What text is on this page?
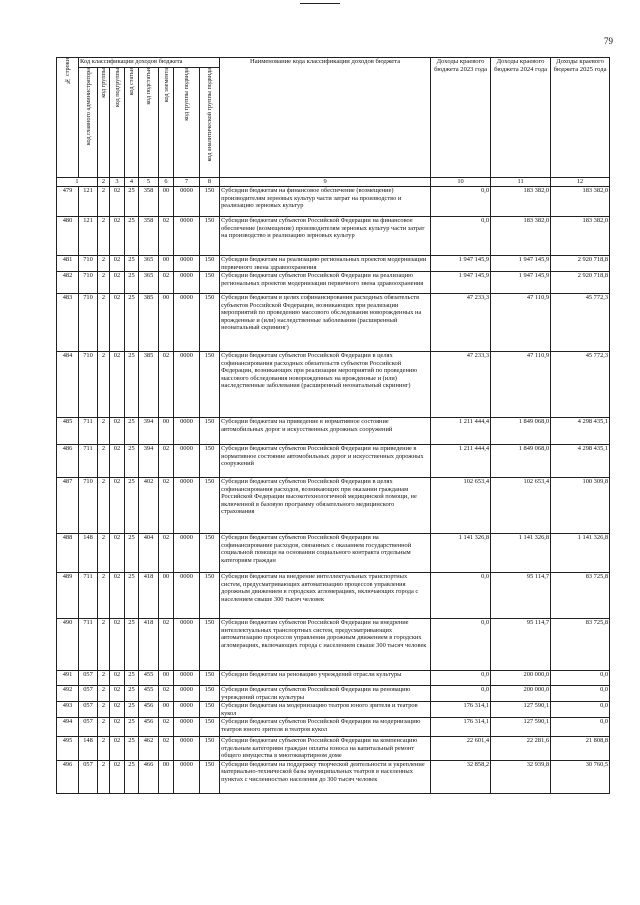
79
№ строки	Код классификации доходов бюджета								Наименование кода классификации доходов бюджета	Доходы краевого бюджета 2023 года	Доходы краевого бюджета 2024 года	Доходы краевого бюджета 2025 года

	код главного администратора	код группы	код подгруппы	код статьи	код подстатьи	код элемента	код группы подвида	код аналитической группы подвида				

1		2	3	4	5	6	7	8	9	10	11	12
479	121	2	02	25	358	00	0000	150	Субсидии бюджетам на финансовое обеспечение (возмещение) производителям зерновых культур части затрат на производство и реализацию зерновых культур	0,0	183 382,0	183 382,0
480	121	2	02	25	358	02	0000	150	Субсидии бюджетам субъектов Российской Федерации на финансовое обеспечение (возмещение) производителям зерновых культур части затрат на производство и реализацию зерновых культур	0,0	183 382,0	183 382,0
481	710	2	02	25	365	00	0000	150	Субсидии бюджетам на реализацию региональных проектов модернизации первичного звена здравоохранения	1 947 145,9	1 947 145,9	2 920 718,8
482	710	2	02	25	365	02	0000	150	Субсидии бюджетам субъектов Российской Федерации на реализацию региональных проектов модернизации первичного звена здравоохранения	1 947 145,9	1 947 145,9	2 920 718,8
483	710	2	02	25	385	00	0000	150	Субсидии бюджетам в целях софинансирования расходных обязательств субъектов Российской Федерации, возникающих при реализации мероприятий по проведению массового обследования новорожденных на врожденные и (или) наследственные заболевания (расширенный неонатальный скрининг)	47 233,3	47 110,9	45 772,3
484	710	2	02	25	385	02	0000	150	Субсидии бюджетам субъектов Российской Федерации в целях софинансирования расходных обязательств субъектов Российской Федерации, возникающих при реализации мероприятий по проведению массового обследования новорожденных на врожденные и (или) наследственные заболевания (расширенный неонатальный скрининг)	47 233,3	47 110,9	45 772,3
485	711	2	02	25	394	00	0000	150	Субсидии бюджетам на приведение в нормативное состояние автомобильных дорог и искусственных дорожных сооружений	1 211 444,4	1 849 068,0	4 298 435,1
486	711	2	02	25	394	02	0000	150	Субсидии бюджетам субъектов Российской Федерации на приведение в нормативное состояние автомобильных дорог и искусственных дорожных сооружений	1 211 444,4	1 849 068,0	4 298 435,1
487	710	2	02	25	402	02	0000	150	Субсидии бюджетам субъектов Российской Федерации в целях софинансирования расходов, возникающих при оказании гражданам Российской Федерации высокотехнологичной медицинской помощи, не включенной в базовую программу обязательного медицинского страхования	102 653,4	102 653,4	100 309,8
488	148	2	02	25	404	02	0000	150	Субсидии бюджетам субъектов Российской Федерации на софинансирование расходов, связанных с оказанием государственной социальной помощи на основании социального контракта отдельным категориям граждан	1 141 326,8	1 141 326,8	1 141 326,8
489	711	2	02	25	418	00	0000	150	Субсидии бюджетам на внедрение интеллектуальных транспортных систем, предусматривающих автоматизацию процессов управления дорожным движением в городских агломерациях, включающих города с населением свыше 300 тысяч человек	0,0	95 114,7	83 725,8
490	711	2	02	25	418	02	0000	150	Субсидии бюджетам субъектов Российской Федерации на внедрение интеллектуальных транспортных систем, предусматривающих автоматизацию процессов управления дорожным движением в городских агломерациях, включающих города с населением свыше 300 тысяч человек	0,0	95 114,7	83 725,8
491	057	2	02	25	455	00	0000	150	Субсидии бюджетам на реновацию учреждений отрасли культуры	0,0	200 000,0	0,0
492	057	2	02	25	455	02	0000	150	Субсидии бюджетам субъектов Российской Федерации на реновацию учреждений отрасли культуры	0,0	200 000,0	0,0
493	057	2	02	25	456	00	0000	150	Субсидии бюджетам на модернизацию театров юного зрителя и театров кукол	176 314,1	127 590,1	0,0
494	057	2	02	25	456	02	0000	150	Субсидии бюджетам субъектов Российской Федерации на модернизацию театров юного зрителя и театров кукол	176 314,1	127 590,1	0,0
495	148	2	02	25	462	02	0000	150	Субсидии бюджетам субъектов Российской Федерации на компенсацию отдельным категориям граждан оплаты взноса на капитальный ремонт общего имущества в многоквартирном доме	22 601,4	22 281,6	21 808,8
496	057	2	02	25	466	00	0000	150	Субсидии бюджетам на поддержку творческой деятельности и укрепление материально-технической базы муниципальных театров в населенных пунктах с численностью населения до 300 тысяч человек	32 858,2	32 939,8	30 760,5
